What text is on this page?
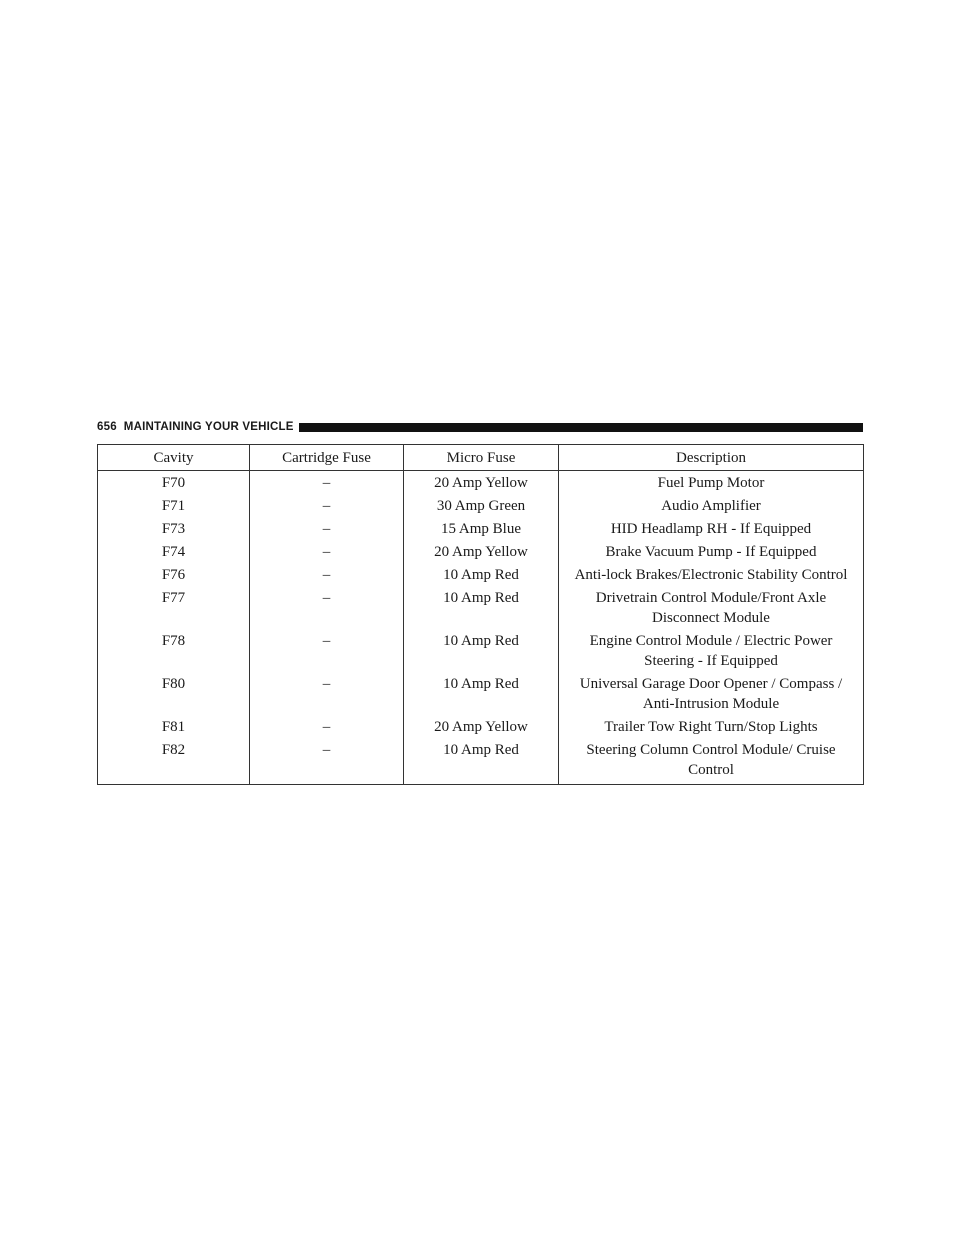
656 MAINTAINING YOUR VEHICLE
Cavity	Cartridge Fuse	Micro Fuse	Description
F70	–	20 Amp Yellow	Fuel Pump Motor
F71	–	30 Amp Green	Audio Amplifier
F73	–	15 Amp Blue	HID Headlamp RH - If Equipped
F74	–	20 Amp Yellow	Brake Vacuum Pump - If Equipped
F76	–	10 Amp Red	Anti-lock Brakes/Electronic Stability Control
F77	–	10 Amp Red	Drivetrain Control Module/Front Axle Disconnect Module
F78	–	10 Amp Red	Engine Control Module / Electric Power Steering - If Equipped
F80	–	10 Amp Red	Universal Garage Door Opener / Compass / Anti-Intrusion Module
F81	–	20 Amp Yellow	Trailer Tow Right Turn/Stop Lights
F82	–	10 Amp Red	Steering Column Control Module/ Cruise Control
